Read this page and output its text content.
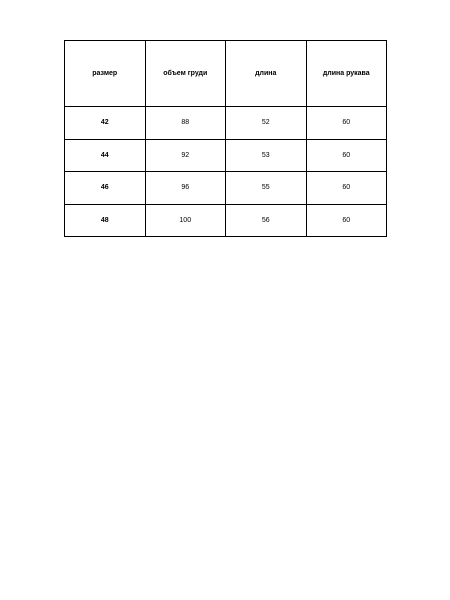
размер	объем груди	длина	длина рукава
42	88	52	60
44	92	53	60
46	96	55	60
48	100	56	60
